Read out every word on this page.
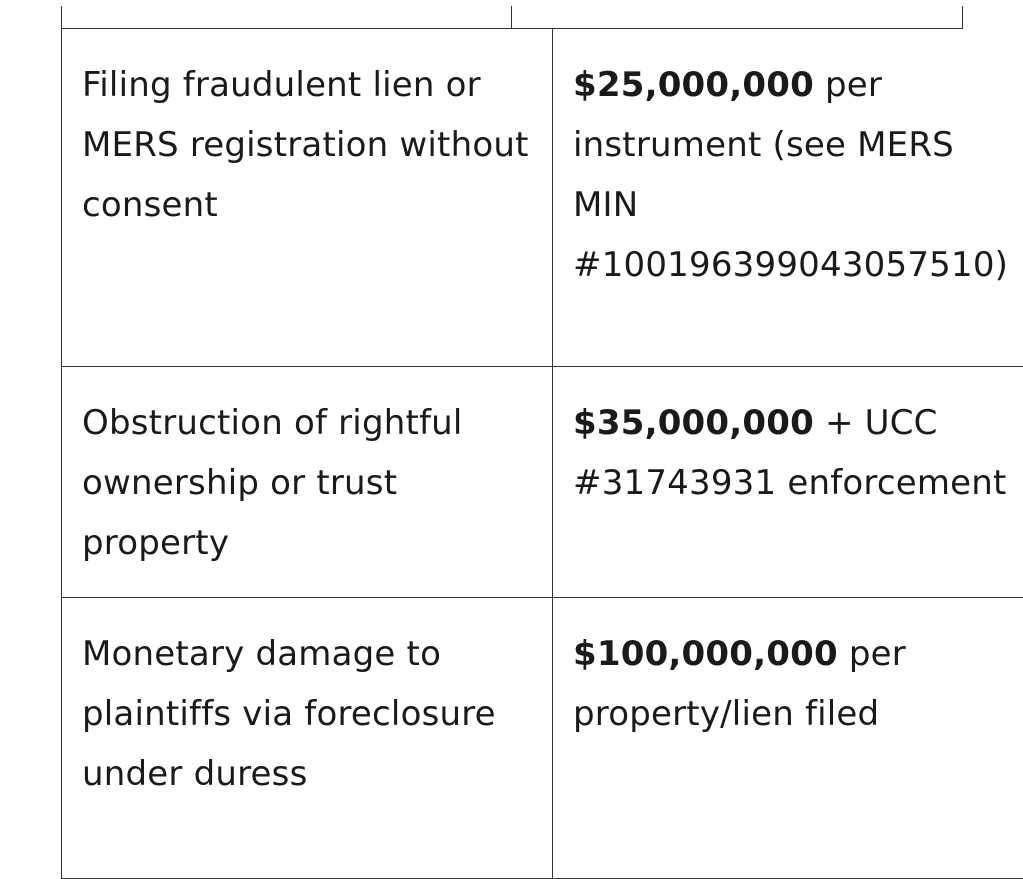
Filing fraudulent lien or MERS registration without consent	$25,000,000 per instrument (see MERS MIN #100196399043057510)
Obstruction of rightful ownership or trust property	$35,000,000 + UCC #31743931 enforcement
Monetary damage to plaintiffs via foreclosure under duress	$100,000,000 per property/lien filed
